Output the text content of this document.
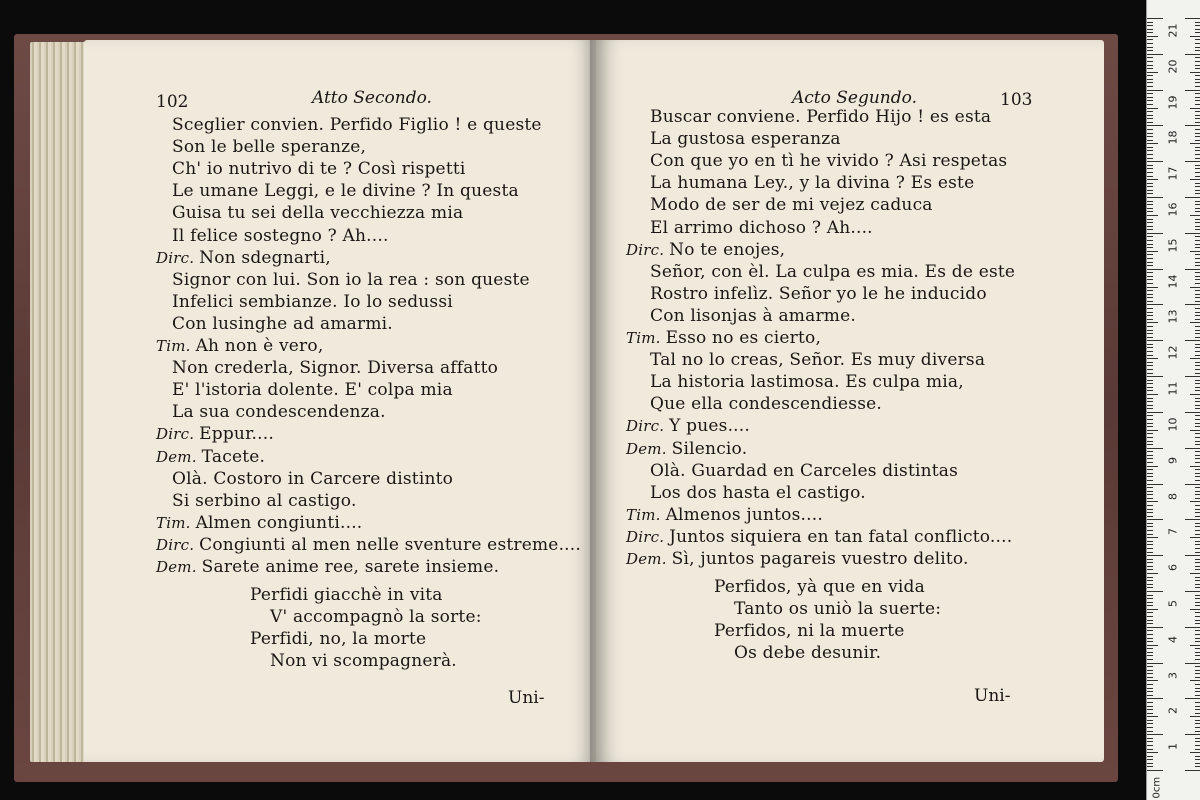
102	Atto Secondo.
Sceglier convien. Perfido Figlio ! e queste
Son le belle speranze,
Ch' io nutrivo di te ? Così rispetti
Le umane Leggi, e le divine ? In questa
Guisa tu sei della vecchiezza mia
Il felice sostegno ? Ah....
Dirc. Non sdegnarti,
Signor con lui. Son io la rea : son queste
Infelici sembianze. Io lo sedussi
Con lusinghe ad amarmi.
Tim. Ah non è vero,
Non crederla, Signor. Diversa affatto
E' l'istoria dolente. E' colpa mia
La sua condescendenza.
Dirc. Eppur....
Dem. Tacete.
Olà. Costoro in Carcere distinto
Si serbino al castigo.
Tim. Almen congiunti....
Dirc. Congiunti al men nelle sventure estreme....
Dem. Sarete anime ree, sarete insieme.
Perfidi giacchè in vita
V' accompagnò la sorte:
Perfidi, no, la morte
Non vi scompagnerà.
Uni-
Acto Segundo.	103
Buscar conviene. Perfido Hijo ! es esta
La gustosa esperanza
Con que yo en tì he vivido ? Asi respetas
La humana Ley., y la divina ? Es este
Modo de ser de mi vejez caduca
El arrimo dichoso ? Ah....
Dirc. No te enojes,
Señor, con èl. La culpa es mia. Es de este
Rostro infelìz. Señor yo le he inducido
Con lisonjas à amarme.
Tim. Esso no es cierto,
Tal no lo creas, Señor. Es muy diversa
La historia lastimosa. Es culpa mia,
Que ella condescendiesse.
Dirc. Y pues....
Dem. Silencio.
Olà. Guardad en Carceles distintas
Los dos hasta el castigo.
Tim. Almenos juntos....
Dirc. Juntos siquiera en tan fatal conflicto....
Dem. Sì, juntos pagareis vuestro delito.
Perfidos, yà que en vida
Tanto os uniò la suerte:
Perfidos, ni la muerte
Os debe desunir.
Uni-
0cm
1
2
3
4
5
6
7
8
9
10
11
12
13
14
15
16
17
18
19
20
21
